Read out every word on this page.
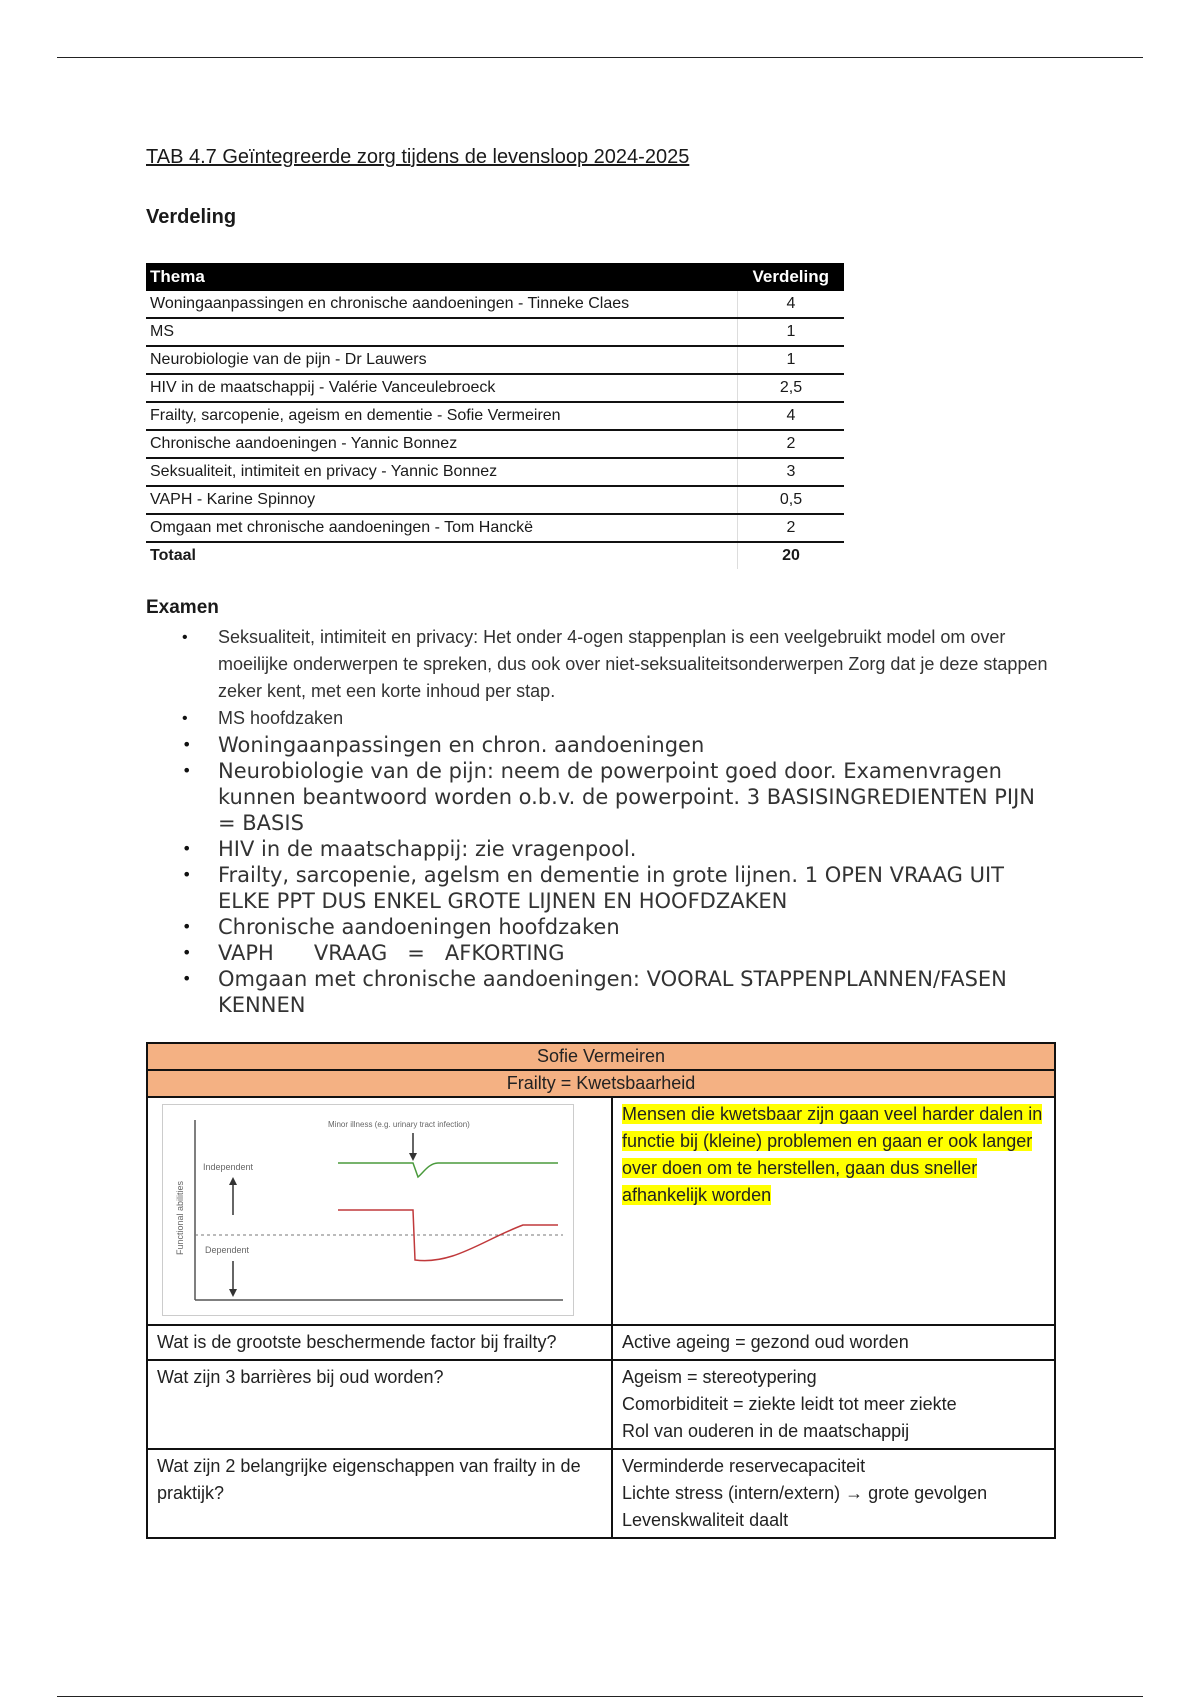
TAB 4.7 Geïntegreerde zorg tijdens de levensloop 2024-2025
Verdeling
Thema	Verdeling
Woningaanpassingen en chronische aandoeningen - Tinneke Claes	4
MS	1
Neurobiologie van de pijn - Dr Lauwers	1
HIV in de maatschappij - Valérie Vanceulebroeck	2,5
Frailty, sarcopenie, ageism en dementie - Sofie Vermeiren	4
Chronische aandoeningen - Yannic Bonnez	2
Seksualiteit, intimiteit en privacy - Yannic Bonnez	3
VAPH - Karine Spinnoy	0,5
Omgaan met chronische aandoeningen - Tom Hanckë	2
Totaal	20
Examen
• Seksualiteit, intimiteit en privacy: Het onder 4-ogen stappenplan is een veelgebruikt model om over moeilijke onderwerpen te spreken, dus ook over niet-seksualiteitsonderwerpen Zorg dat je deze stappen zeker kent, met een korte inhoud per stap.
• MS hoofdzaken
• Woningaanpassingen en chron. aandoeningen
• Neurobiologie van de pijn: neem de powerpoint goed door. Examenvragen kunnen beantwoord worden o.b.v. de powerpoint. 3 BASISINGREDIENTEN PIJN = BASIS
• HIV in de maatschappij: zie vragenpool.
• Frailty, sarcopenie, agelsm en dementie in grote lijnen. 1 OPEN VRAAG UIT ELKE PPT DUS ENKEL GROTE LIJNEN EN HOOFDZAKEN
• Chronische aandoeningen hoofdzaken
• VAPH      VRAAG   =   AFKORTING
• Omgaan met chronische aandoeningen: VOORAL STAPPENPLANNEN/FASEN KENNEN
Sofie Vermeiren	
Frailty = Kwetsbaarheid	

Minor illness (e.g. urinary tract infection)
Independent
Dependent
Functional abilities	Mensen die kwetsbaar zijn gaan veel harder dalen in functie bij (kleine) problemen en gaan er ook langer over doen om te herstellen, gaan dus sneller afhankelijk worden
Wat is de grootste beschermende factor bij frailty?	Active ageing = gezond oud worden

Wat zijn 3 barrières bij oud worden?	Ageism = stereotypering
Comorbiditeit = ziekte leidt tot meer ziekte
Rol van ouderen in de maatschappij

Wat zijn 2 belangrijke eigenschappen van frailty in de praktijk?	Verminderde reservecapaciteit
Lichte stress (intern/extern) → grote gevolgen
Levenskwaliteit daalt
